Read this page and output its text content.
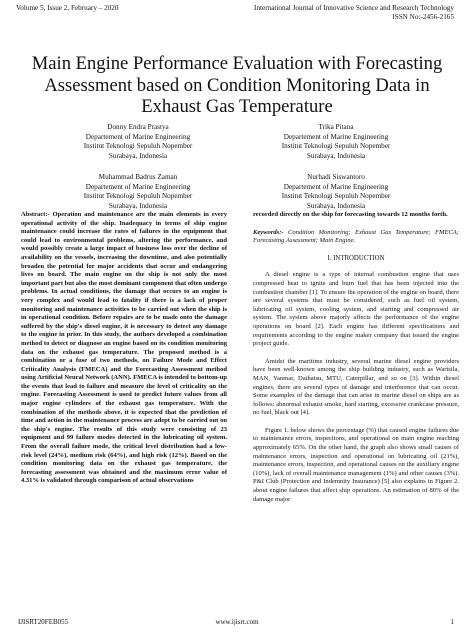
Volume 5, Issue 2, February – 2020	International Journal of Innovative Science and Research Technology
ISSN No:-2456-2165
Main Engine Performance Evaluation with Forecasting Assessment based on Condition Monitoring Data in Exhaust Gas Temperature
Donny Endra Prastya
Departement of Marine Engineering
Institut Teknologi Sepuluh Nopember
Surabaya, Indonesia
Trika Pitana
Departement of Marine Engineering
Institut Teknologi Sepuluh Nopember
Surabaya, Indonesia
Muhammad Badrus Zaman
Departement of Marine Engineering
Institut Teknologi Sepuluh Nopember
Surabaya, Indonesia
Nurhadi Siswantoro
Departement of Marine Engineering
Institut Teknologi Sepuluh Nopember
Surabaya, Indonesia
Abstract:- Operation and maintenance are the main elements in every operational activity of the ship. Inadequacy in terms of ship engine maintenance could increase the rates of failures in the equipment that could lead to environmental problems, altering the performance, and would possibly create a large impact of business loss over the decline of availability on the vessels, increasing the downtime, and also potentially broaden the potential for major accidents that occur and endangering lives on board. The main engine on the ship is not only the most important part but also the most dominant component that often undergo problems. In actual conditions, the damage that occurs to an engine is very complex and would lead to fatality if there is a lack of proper monitoring and maintenance activities to be carried out when the ship is in operational condition. Before repairs are to be made onto the damage suffered by the ship's diesel engine, it is necessary to detect any damage to the engine in prior. In this study, the authors developed a combination method to detect or diagnose an engine based on its condition monitoring data on the exhaust gas temperature. The proposed method is a combination or a fuse of two methods, on Failure Mode and Effect Criticality Analysis (FMECA) and the Forecasting Assessment method using Artificial Neural Network (ANN). FMECA is intended to bottom-up the events that lead to failure and measure the level of criticality on the engine. Forecasting Assessment is used to predict future values from all major engine cylinders of the exhaust gas temperature. With the combination of the methods above, it is expected that the prediction of time and action in the maintenance process are adept to be carried out on the ship's engine. The results of this study were consisting of 23 equipment and 99 failure modes detected in the lubricating oil system. From the overall failure mode, the critical level distribution had a low-risk level (24%), medium risk (64%), and high risk (12%). Based on the condition monitoring data on the exhaust gas temperature, the forecasting assessment was obtained and the maximum error value of 4.31% is validated through comparison of actual observations
recorded directly on the ship for forecasting towards 12 months forth.
Keywords:- Condition Monitoring; Exhaust Gas Temperature; FMECA; Forecasting Assessment; Main Engine.
I. INTRODUCTION

A diesel engine is a type of internal combustion engine that uses compressed heat to ignite and burn fuel that has been injected into the combustion chamber [1]. To ensure the operation of the engine on board, there are several systems that must be considered, such as fuel oil system, lubricating oil system, cooling system, and starting and compressed air system. The system above majorly affects the performance of the engine operations on board [2]. Each engine has different specifications and requirements according to the engine maker company that issued the engine project guide.

Amidst the maritime industry, several marine diesel engine providers have been well-known among the ship building industry, such as Wartsila, MAN, Yanmar, Daihatsu, MTU, Caterpillar, and so on [3]. Within diesel engines, there are several types of damage and interference that can occur. Some examples of the damage that can arise in marine diesel on ships are as follows: abnormal exhaust smoke, hard starting, excessive crankcase pressure, no fuel, black out [4].

Figure 1. below shows the percentage (%) that caused engine failures due to maintenance errors, inspections, and operational on main engine reaching approximately 65%. On the other hand, the graph also shows small causes of maintenance errors, inspection and operational on lubricating oil (21%), maintenance errors, inspection, and operational causes on the auxiliary engine (10%), lack of overall maintenance management (1%) and other causes (3%). P&I Club (Protection and Indemnity Insurance) [5] also explains in Figure 2. about engine failures that affect ship operations. An estimation of 80% of the damage major

IJISRT20FEB055	www.ijisrt.com	1
